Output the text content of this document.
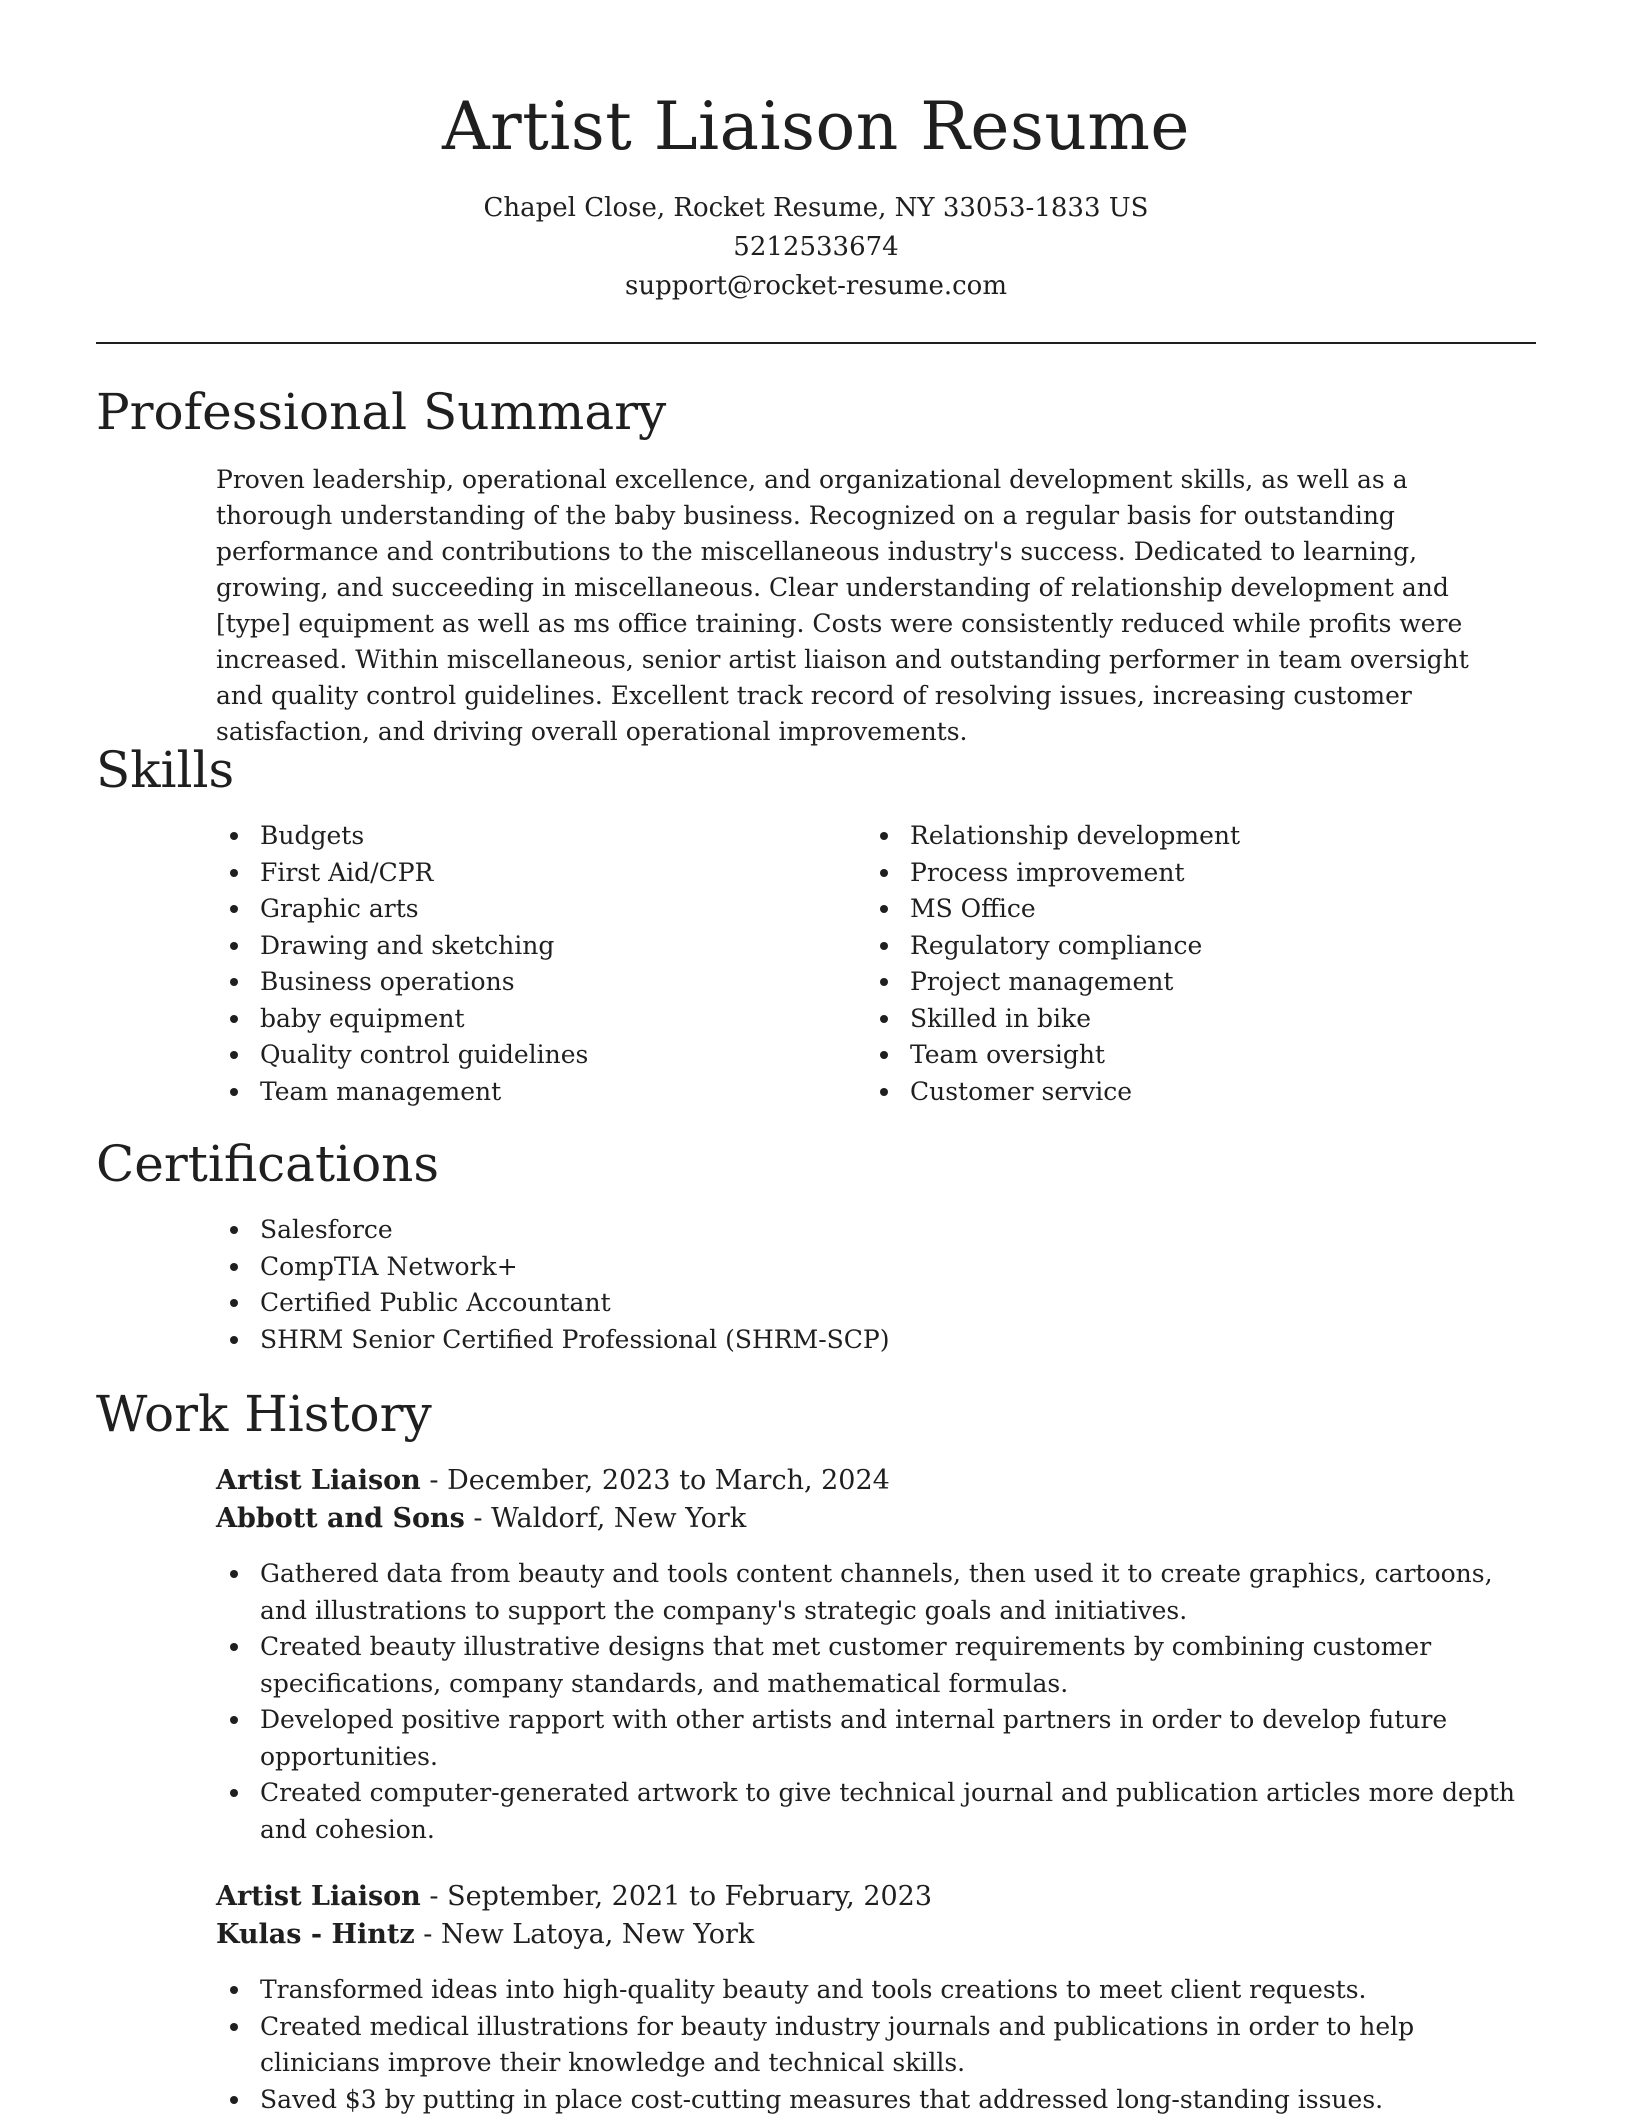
Artist Liaison Resume
Chapel Close, Rocket Resume, NY 33053-1833 US
5212533674
support@rocket-resume.com
Professional Summary

Proven leadership, operational excellence, and organizational development skills, as well as a thorough understanding of the baby business. Recognized on a regular basis for outstanding performance and contributions to the miscellaneous industry's success. Dedicated to learning, growing, and succeeding in miscellaneous. Clear understanding of relationship development and [type] equipment as well as ms office training. Costs were consistently reduced while profits were increased. Within miscellaneous, senior artist liaison and outstanding performer in team oversight and quality control guidelines. Excellent track record of resolving issues, increasing customer satisfaction, and driving overall operational improvements.

Skills
Budgets
First Aid/CPR
Graphic arts
Drawing and sketching
Business operations
baby equipment
Quality control guidelines
Team management
Relationship development
Process improvement
MS Office
Regulatory compliance
Project management
Skilled in bike
Team oversight
Customer service
Certifications
Salesforce
CompTIA Network+
Certified Public Accountant
SHRM Senior Certified Professional (SHRM-SCP)
Work History
Artist Liaison - December, 2023 to March, 2024
Abbott and Sons - Waldorf, New York
Gathered data from beauty and tools content channels, then used it to create graphics, cartoons, and illustrations to support the company's strategic goals and initiatives.
Created beauty illustrative designs that met customer requirements by combining customer specifications, company standards, and mathematical formulas.
Developed positive rapport with other artists and internal partners in order to develop future opportunities.
Created computer-generated artwork to give technical journal and publication articles more depth and cohesion.
Artist Liaison - September, 2021 to February, 2023
Kulas - Hintz - New Latoya, New York
Transformed ideas into high-quality beauty and tools creations to meet client requests.
Created medical illustrations for beauty industry journals and publications in order to help clinicians improve their knowledge and technical skills.
Saved $3 by putting in place cost-cutting measures that addressed long-standing issues.
